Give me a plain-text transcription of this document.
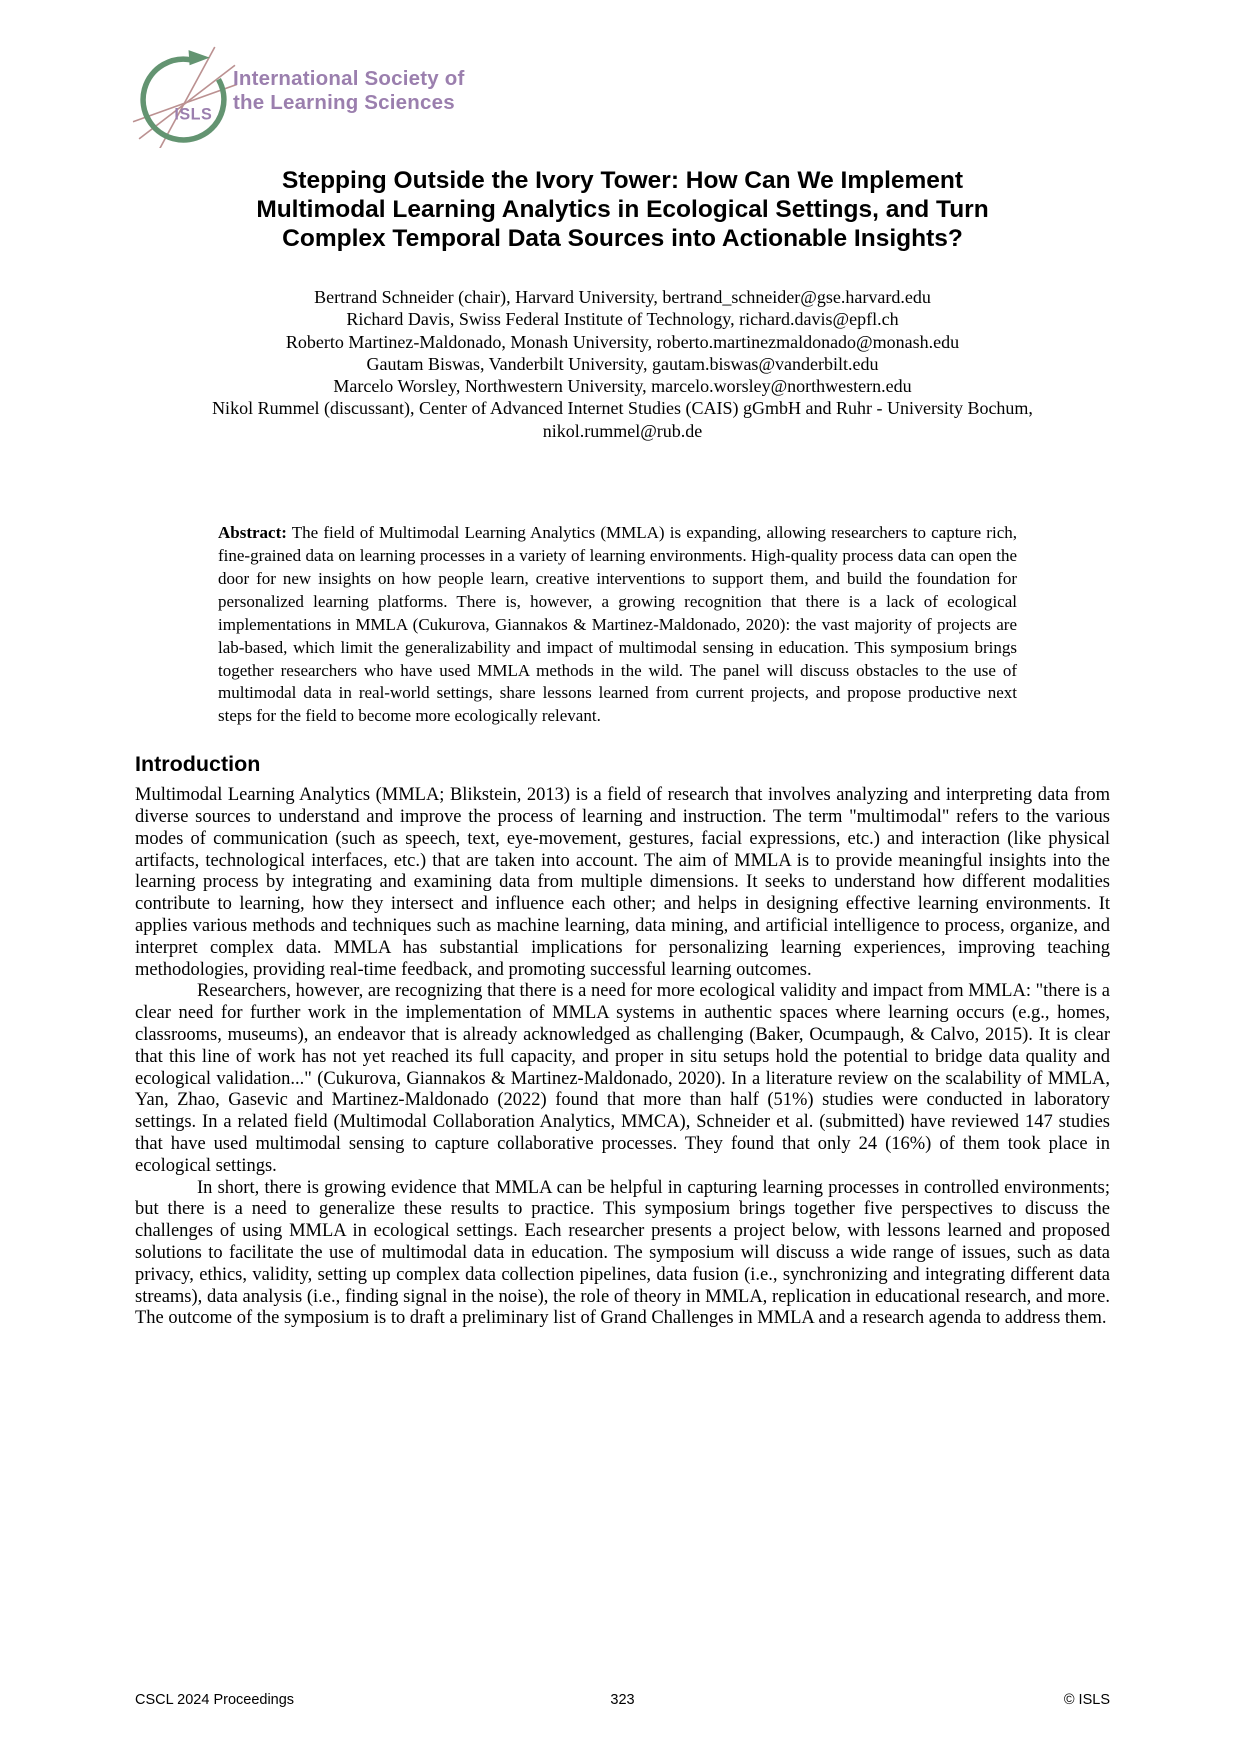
ISLS
International Society of
the Learning Sciences
Stepping Outside the Ivory Tower: How Can We Implement
Multimodal Learning Analytics in Ecological Settings, and Turn
Complex Temporal Data Sources into Actionable Insights?
Bertrand Schneider (chair), Harvard University, bertrand_schneider@gse.harvard.edu
Richard Davis, Swiss Federal Institute of Technology, richard.davis@epfl.ch
Roberto Martinez-Maldonado, Monash University, roberto.martinezmaldonado@monash.edu
Gautam Biswas, Vanderbilt University, gautam.biswas@vanderbilt.edu
Marcelo Worsley, Northwestern University, marcelo.worsley@northwestern.edu
Nikol Rummel (discussant), Center of Advanced Internet Studies (CAIS) gGmbH and Ruhr - University Bochum, nikol.rummel@rub.de

Abstract: The field of Multimodal Learning Analytics (MMLA) is expanding, allowing researchers to capture rich, fine-grained data on learning processes in a variety of learning environments. High-quality process data can open the door for new insights on how people learn, creative interventions to support them, and build the foundation for personalized learning platforms. There is, however, a growing recognition that there is a lack of ecological implementations in MMLA (Cukurova, Giannakos & Martinez-Maldonado, 2020): the vast majority of projects are lab-based, which limit the generalizability and impact of multimodal sensing in education. This symposium brings together researchers who have used MMLA methods in the wild. The panel will discuss obstacles to the use of multimodal data in real-world settings, share lessons learned from current projects, and propose productive next steps for the field to become more ecologically relevant.

Introduction

Multimodal Learning Analytics (MMLA; Blikstein, 2013) is a field of research that involves analyzing and interpreting data from diverse sources to understand and improve the process of learning and instruction. The term "multimodal" refers to the various modes of communication (such as speech, text, eye-movement, gestures, facial expressions, etc.) and interaction (like physical artifacts, technological interfaces, etc.) that are taken into account. The aim of MMLA is to provide meaningful insights into the learning process by integrating and examining data from multiple dimensions. It seeks to understand how different modalities contribute to learning, how they intersect and influence each other; and helps in designing effective learning environments. It applies various methods and techniques such as machine learning, data mining, and artificial intelligence to process, organize, and interpret complex data. MMLA has substantial implications for personalizing learning experiences, improving teaching methodologies, providing real-time feedback, and promoting successful learning outcomes.

Researchers, however, are recognizing that there is a need for more ecological validity and impact from MMLA: "there is a clear need for further work in the implementation of MMLA systems in authentic spaces where learning occurs (e.g., homes, classrooms, museums), an endeavor that is already acknowledged as challenging (Baker, Ocumpaugh, & Calvo, 2015). It is clear that this line of work has not yet reached its full capacity, and proper in situ setups hold the potential to bridge data quality and ecological validation..." (Cukurova, Giannakos & Martinez-Maldonado, 2020). In a literature review on the scalability of MMLA, Yan, Zhao, Gasevic and Martinez-Maldonado (2022) found that more than half (51%) studies were conducted in laboratory settings. In a related field (Multimodal Collaboration Analytics, MMCA), Schneider et al. (submitted) have reviewed 147 studies that have used multimodal sensing to capture collaborative processes. They found that only 24 (16%) of them took place in ecological settings.

In short, there is growing evidence that MMLA can be helpful in capturing learning processes in controlled environments; but there is a need to generalize these results to practice. This symposium brings together five perspectives to discuss the challenges of using MMLA in ecological settings. Each researcher presents a project below, with lessons learned and proposed solutions to facilitate the use of multimodal data in education. The symposium will discuss a wide range of issues, such as data privacy, ethics, validity, setting up complex data collection pipelines, data fusion (i.e., synchronizing and integrating different data streams), data analysis (i.e., finding signal in the noise), the role of theory in MMLA, replication in educational research, and more. The outcome of the symposium is to draft a preliminary list of Grand Challenges in MMLA and a research agenda to address them.

CSCL 2024 Proceedings	323	© ISLS
